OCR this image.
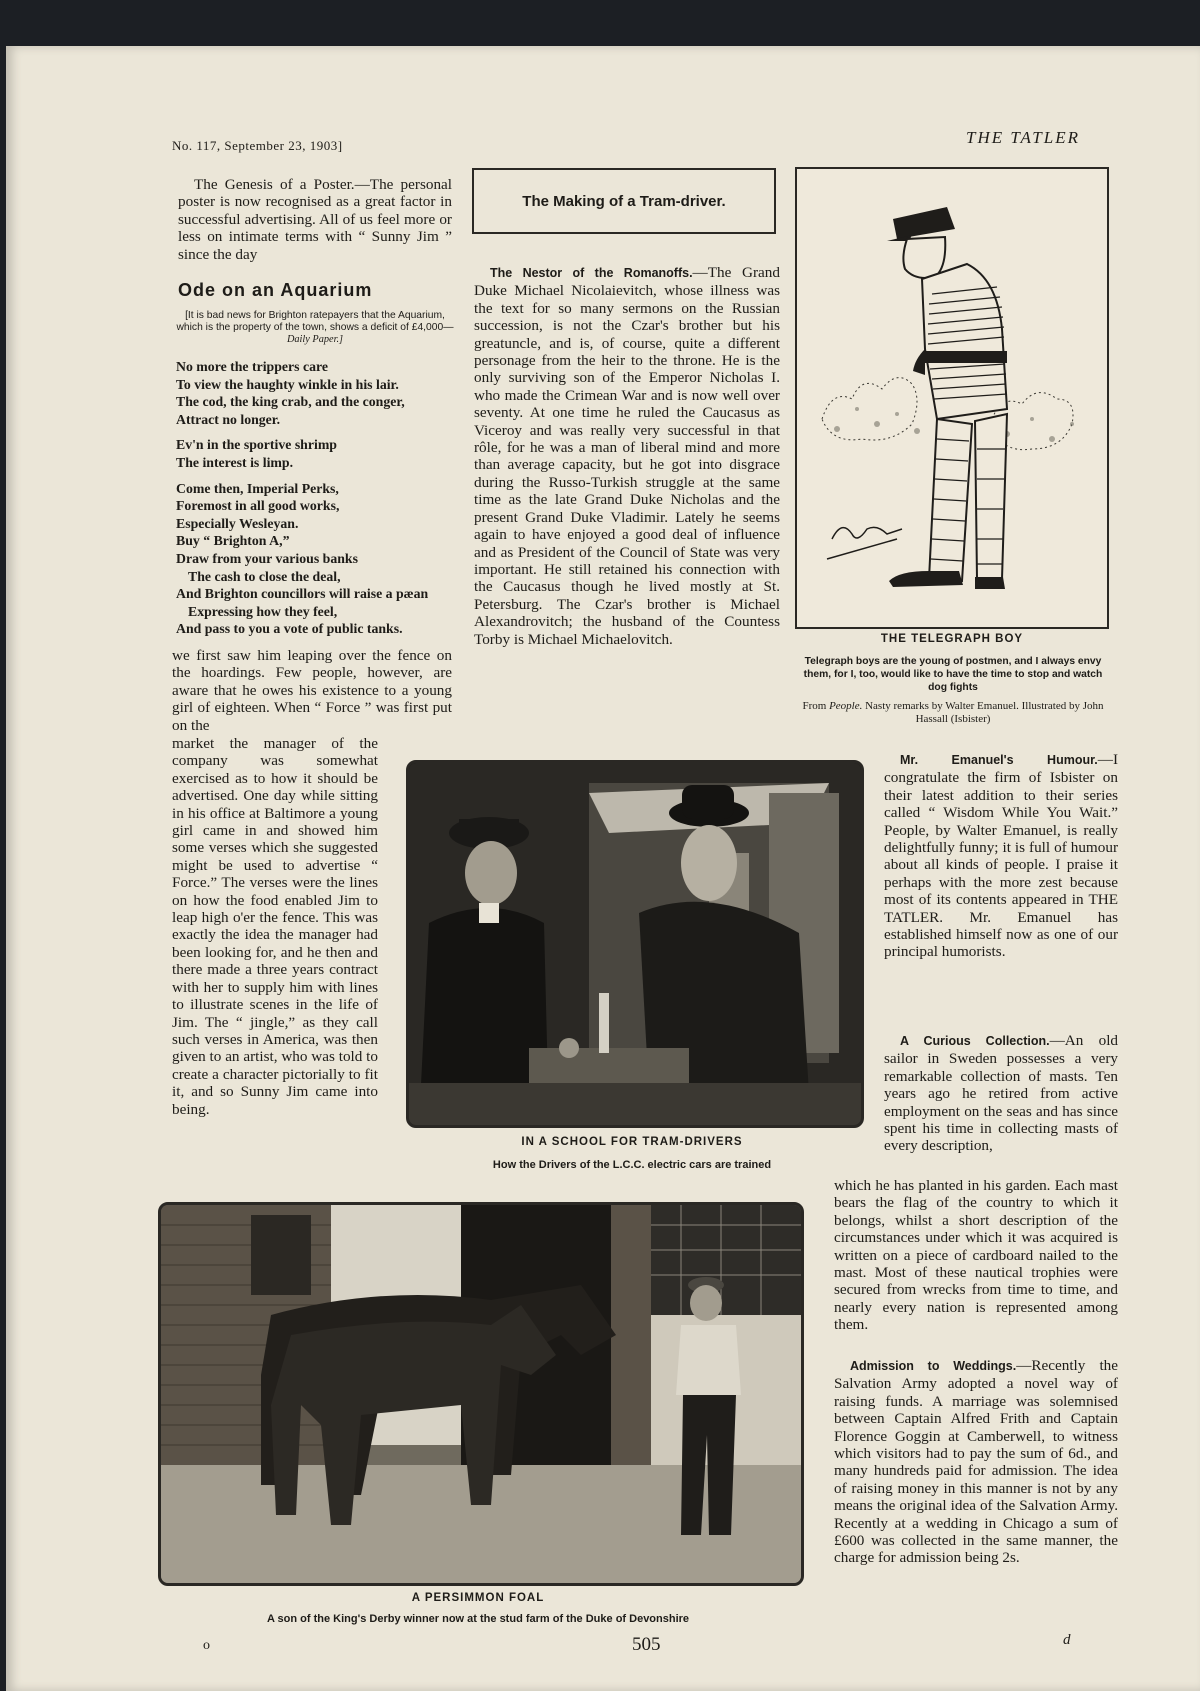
No. 117, September 23, 1903]	THE TATLER

The Genesis of a Poster.—The personal poster is now recognised as a great factor in successful advertising. All of us feel more or less on intimate terms with “ Sunny Jim ” since the day

Ode on an Aquarium
[It is bad news for Brighton ratepayers that the Aquarium, which is the property of the town, shows a deficit of £4,000—Daily Paper.]
No more the trippers care
To view the haughty winkle in his lair.
The cod, the king crab, and the conger,
Attract no longer.
Ev'n in the sportive shrimp
The interest is limp.
Come then, Imperial Perks,
Foremost in all good works,
Especially Wesleyan.
Buy “ Brighton A,”
Draw from your various banks
The cash to close the deal,
And Brighton councillors will raise a pæan
Expressing how they feel,
And pass to you a vote of public tanks.

we first saw him leaping over the fence on the hoardings. Few people, however, are aware that he owes his existence to a young girl of eighteen. When “ Force ” was first put on the

market the manager of the company was somewhat exercised as to how it should be advertised. One day while sitting in his office at Baltimore a young girl came in and showed him some verses which she suggested might be used to advertise “ Force.” The verses were the lines on how the food enabled Jim to leap high o'er the fence. This was exactly the idea the manager had been looking for, and he then and there made a three years contract with her to supply him with lines to illustrate scenes in the life of Jim. The “ jingle,” as they call such verses in America, was then given to an artist, who was told to create a character pictorially to fit it, and so Sunny Jim came into being.

The Making of a Tram-driver.

The Nestor of the Romanoffs.—The Grand Duke Michael Nicolaievitch, whose illness was the text for so many sermons on the Russian succession, is not the Czar's brother but his greatuncle, and is, of course, quite a different personage from the heir to the throne. He is the only surviving son of the Emperor Nicholas I. who made the Crimean War and is now well over seventy. At one time he ruled the Caucasus as Viceroy and was really very successful in that rôle, for he was a man of liberal mind and more than average capacity, but he got into disgrace during the Russo-Turkish struggle at the same time as the late Grand Duke Nicholas and the present Grand Duke Vladimir. Lately he seems again to have enjoyed a good deal of influence and as President of the Council of State was very important. He still retained his connection with the Caucasus though he lived mostly at St. Petersburg. The Czar's brother is Michael Alexandrovitch; the husband of the Countess Torby is Michael Michaelovitch.	THE TELEGRAPH BOY
Telegraph boys are the young of postmen, and I always envy them, for I, too, would like to have the time to stop and watch dog fights
From People. Nasty remarks by Walter Emanuel. Illustrated by John Hassall (Isbister)
IN A SCHOOL FOR TRAM-DRIVERS
How the Drivers of the L.C.C. electric cars are trained

Mr. Emanuel's Humour.—I congratulate the firm of Isbister on their latest addition to their series called “ Wisdom While You Wait.” People, by Walter Emanuel, is really delightfully funny; it is full of humour about all kinds of people. I praise it perhaps with the more zest because most of its contents appeared in THE TATLER. Mr. Emanuel has established himself now as one of our principal humorists.

A Curious Collection.—An old sailor in Sweden possesses a very remarkable collection of masts. Ten years ago he retired from active employment on the seas and has since spent his time in collecting masts of every description,

which he has planted in his garden. Each mast bears the flag of the country to which it belongs, whilst a short description of the circumstances under which it was acquired is written on a piece of cardboard nailed to the mast. Most of these nautical trophies were secured from wrecks from time to time, and nearly every nation is represented among them.

Admission to Weddings.—Recently the Salvation Army adopted a novel way of raising funds. A marriage was solemnised between Captain Alfred Frith and Captain Florence Goggin at Camberwell, to witness which visitors had to pay the sum of 6d., and many hundreds paid for admission. The idea of raising money in this manner is not by any means the original idea of the Salvation Army. Recently at a wedding in Chicago a sum of £600 was collected in the same manner, the charge for admission being 2s.

A PERSIMMON FOAL
A son of the King's Derby winner now at the stud farm of the Duke of Devonshire
o	505	d
